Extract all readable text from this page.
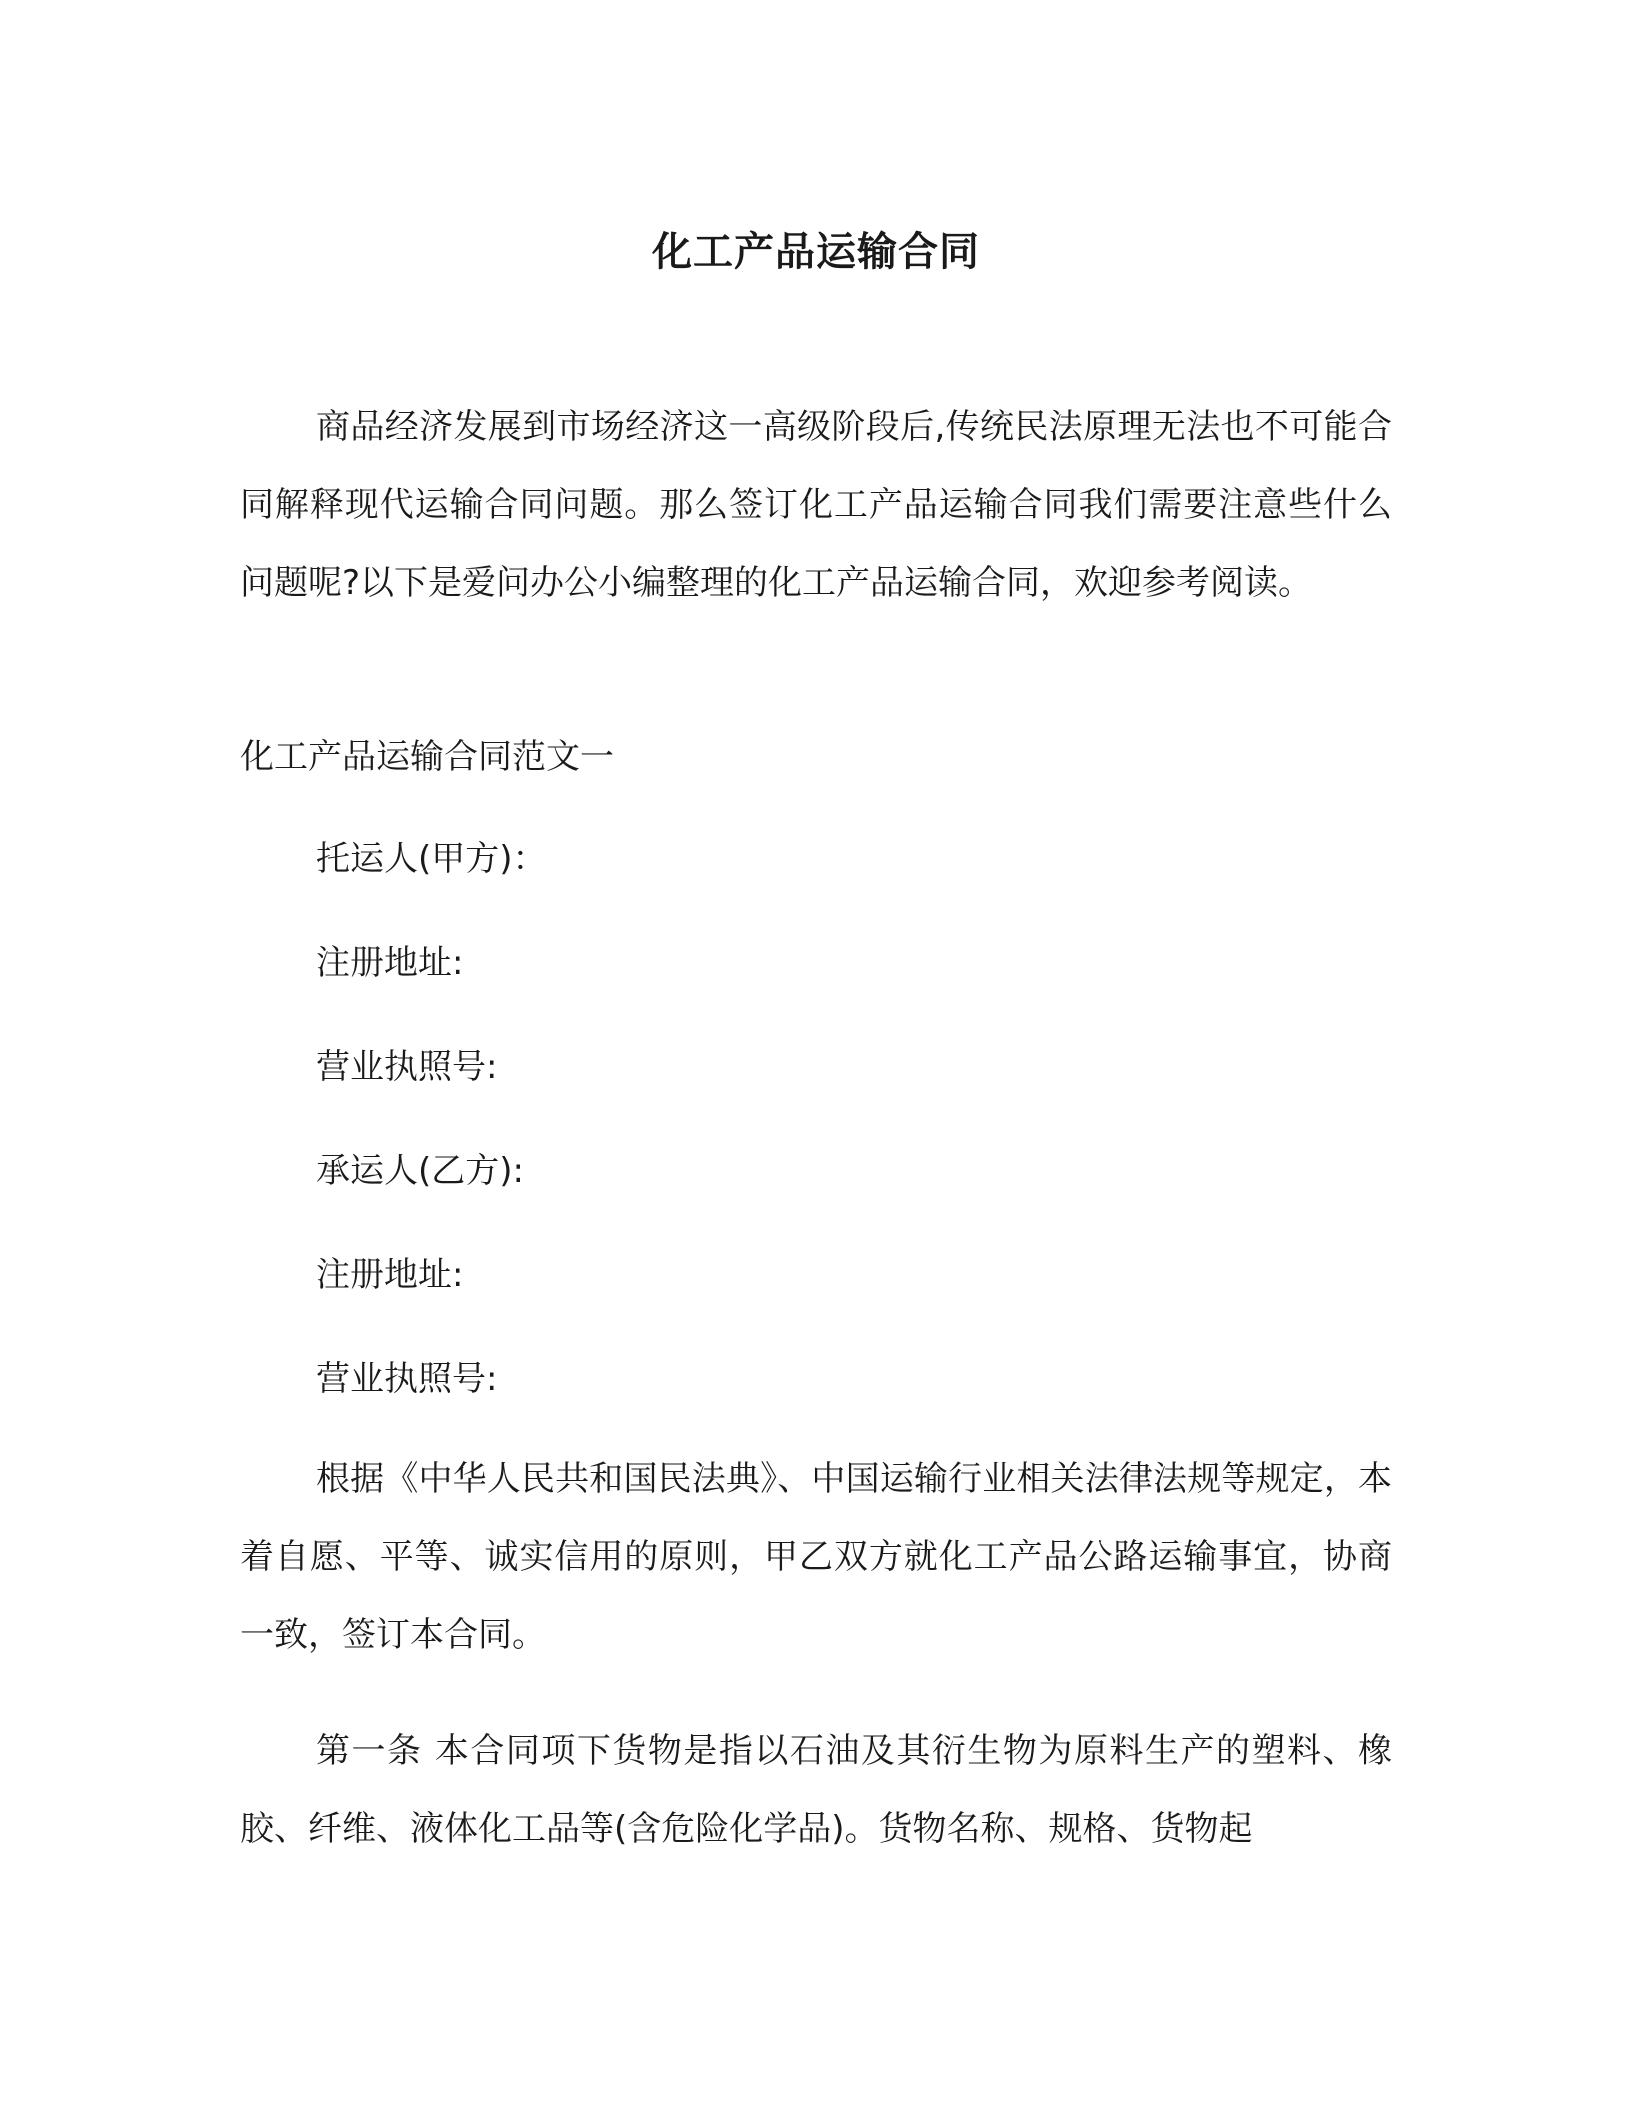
化工产品运输合同

商品经济发展到市场经济这一高级阶段后,传统民法原理无法也不可能合同解释现代运输合同问题。那么签订化工产品运输合同我们需要注意些什么问题呢?以下是爱问办公小编整理的化工产品运输合同，欢迎参考阅读。

化工产品运输合同范文一

托运人(甲方)：

注册地址:

营业执照号:

承运人(乙方):

注册地址:

营业执照号:

根据《中华人民共和国民法典》、中国运输行业相关法律法规等规定，本着自愿、平等、诚实信用的原则，甲乙双方就化工产品公路运输事宜，协商一致，签订本合同。

第一条 本合同项下货物是指以石油及其衍生物为原料生产的塑料、橡胶、纤维、液体化工品等(含危险化学品)。货物名称、规格、货物起
